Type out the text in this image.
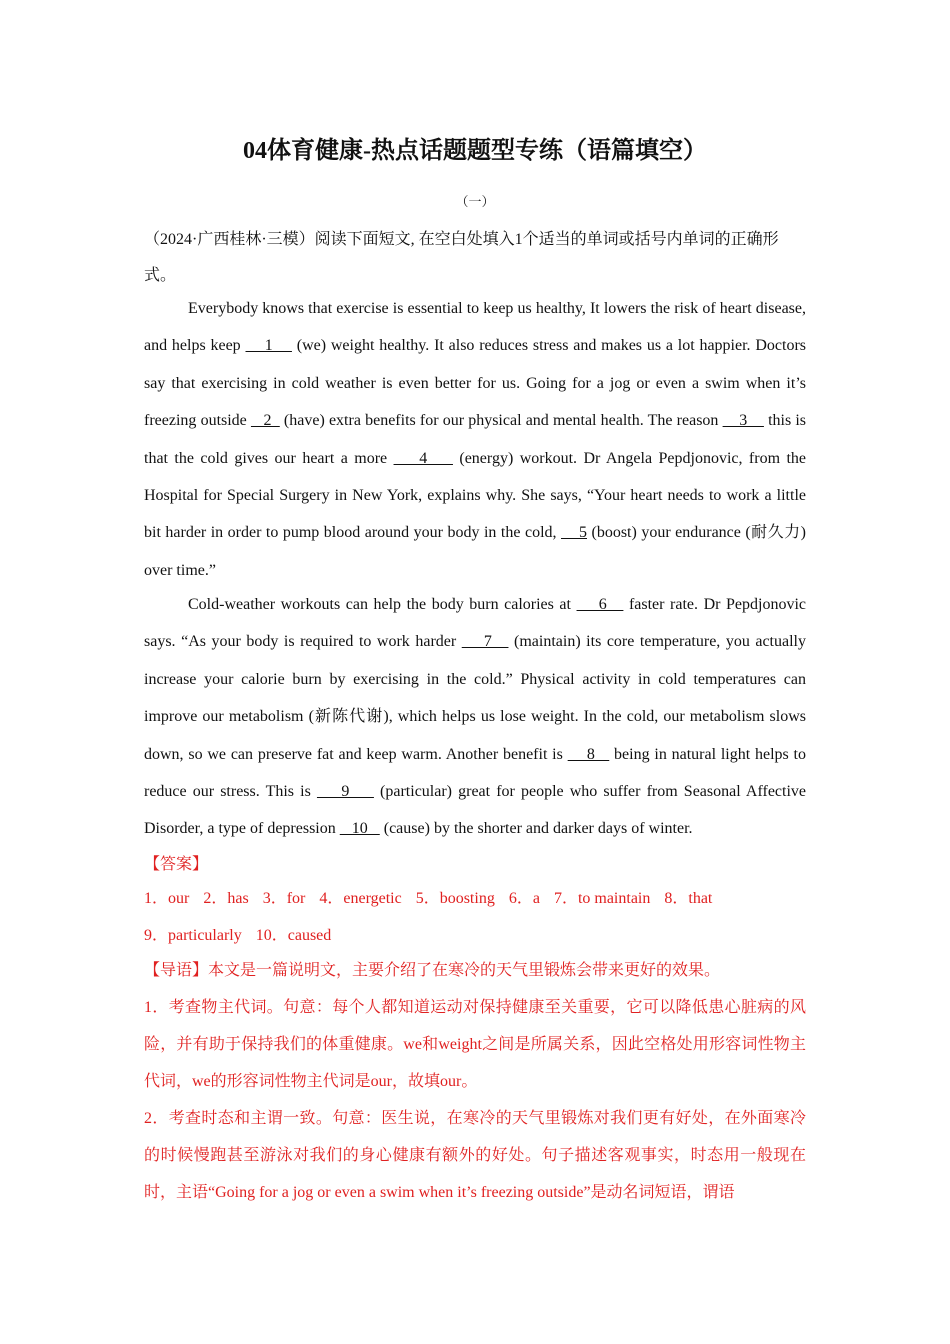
04体育健康-热点话题题型专练（语篇填空）
（一）
（2024·广西桂林·三模）阅读下面短文, 在空白处填入1个适当的单词或括号内单词的正确形式。
Everybody knows that exercise is essential to keep us healthy, It lowers the risk of heart disease, and helps keep     1     (we) weight healthy. It also reduces stress and makes us a lot happier. Doctors say that exercising in cold weather is even better for us. Going for a jog or even a swim when it’s freezing outside    2   (have) extra benefits for our physical and mental health. The reason     3     this is that the cold gives our heart a more     4     (energy) workout. Dr Angela Pepdjonovic, from the Hospital for Special Surgery in New York, explains why. She says, “Your heart needs to work a little bit harder in order to pump blood around your body in the cold,     5 (boost) your endurance (耐久力) over time.”
Cold-weather workouts can help the body burn calories at     6    faster rate. Dr Pepdjonovic says. “As your body is required to work harder     7    (maintain) its core temperature, you actually increase your calorie burn by exercising in the cold.” Physical activity in cold temperatures can improve our metabolism (新陈代谢), which helps us lose weight. In the cold, our metabolism slows down, so we can preserve fat and keep warm. Another benefit is     8    being in natural light helps to reduce our stress. This is     9     (particular) great for people who suffer from Seasonal Affective Disorder, a type of depression    10    (cause) by the shorter and darker days of winter.
【答案】
1．our 2．has 3．for 4．energetic 5．boosting 6．a 7．to maintain 8．that
9．particularly 10．caused

【导语】本文是一篇说明文，主要介绍了在寒冷的天气里锻炼会带来更好的效果。

1．考查物主代词。句意：每个人都知道运动对保持健康至关重要，它可以降低患心脏病的风险，并有助于保持我们的体重健康。we和weight之间是所属关系，因此空格处用形容词性物主代词，we的形容词性物主代词是our，故填our。

2．考查时态和主谓一致。句意：医生说，在寒冷的天气里锻炼对我们更有好处，在外面寒冷的时候慢跑甚至游泳对我们的身心健康有额外的好处。句子描述客观事实，时态用一般现在时，主语“Going for a jog or even a swim when it’s freezing outside”是动名词短语，谓语
